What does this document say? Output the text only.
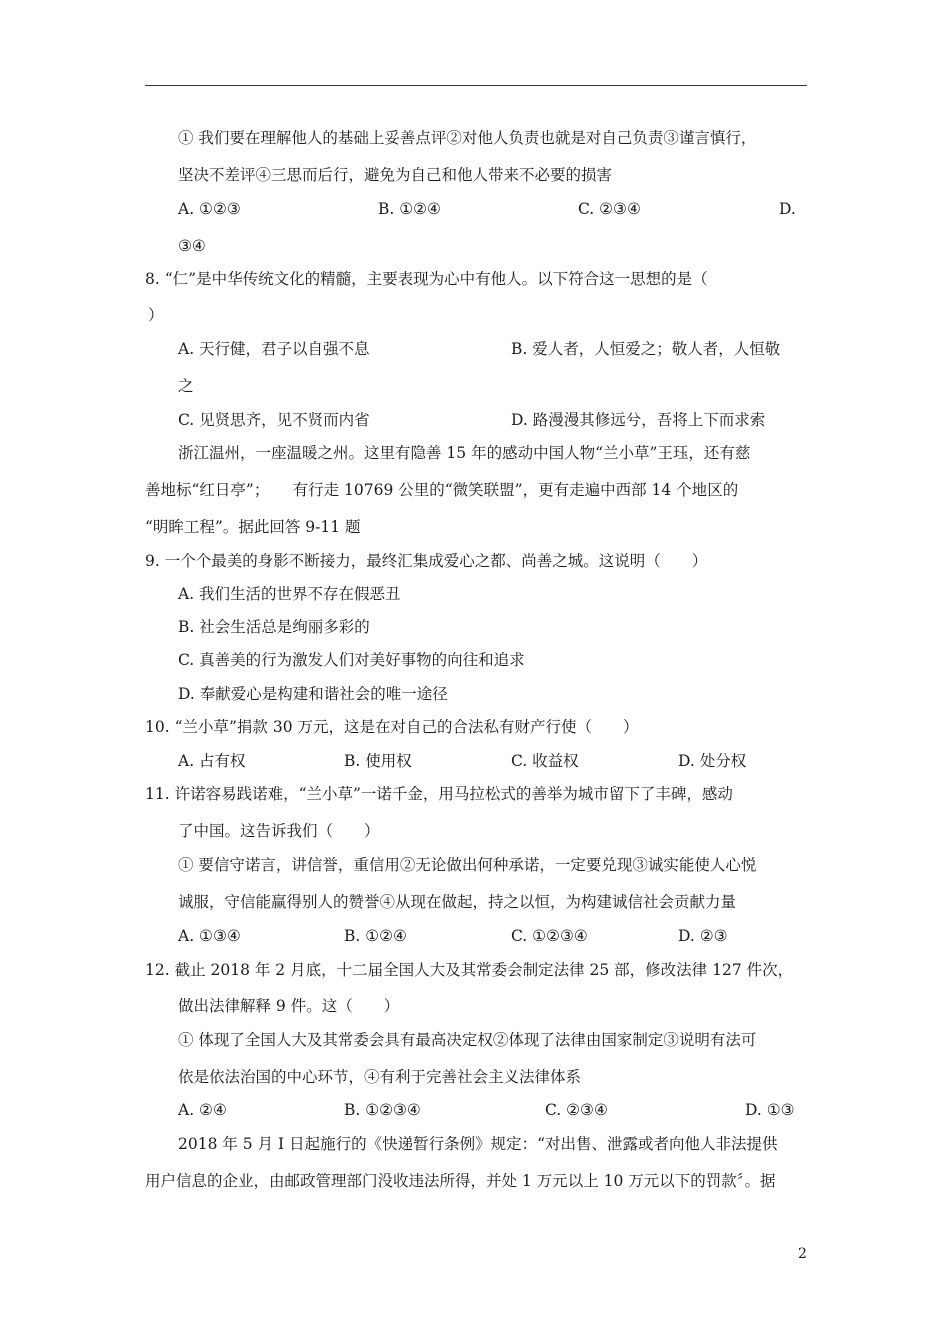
① 我们要在理解他人的基础上妥善点评②对他人负责也就是对自己负责③谨言慎行，
坚决不差评④三思而后行，避免为自己和他人带来不必要的损害
A. ①②③	B. ①②④	C. ②③④	D.
③④
8. “仁”是中华传统文化的精髓，主要表现为心中有他人。以下符合这一思想的是（
）
A. 天行健，君子以自强不息	B. 爱人者，人恒爱之；敬人者，人恒敬
之
C. 见贤思齐，见不贤而内省	D. 路漫漫其修远兮，吾将上下而求索
浙江温州，一座温暖之州。这里有隐善 15 年的感动中国人物“兰小草”王珏，还有慈
善地标“红日亭”；　　有行走 10769 公里的“微笑联盟”，更有走遍中西部 14 个地区的
“明眸工程”。据此回答 9-11 题
9. 一个个最美的身影不断接力，最终汇集成爱心之都、尚善之城。这说明（　　）
A. 我们生活的世界不存在假恶丑
B. 社会生活总是绚丽多彩的
C. 真善美的行为激发人们对美好事物的向往和追求
D. 奉献爱心是构建和谐社会的唯一途径
10. “兰小草”捐款 30 万元，这是在对自己的合法私有财产行使（　　）
A. 占有权	B. 使用权	C. 收益权	D. 处分权
11. 许诺容易践诺难，“兰小草”一诺千金，用马拉松式的善举为城市留下了丰碑，感动
了中国。这告诉我们（　　）
① 要信守诺言，讲信誉，重信用②无论做出何种承诺，一定要兑现③诚实能使人心悦
诚服，守信能赢得别人的赞誉④从现在做起，持之以恒，为构建诚信社会贡献力量
A. ①③④	B. ①②④	C. ①②③④	D. ②③
12. 截止 2018 年 2 月底，十二届全国人大及其常委会制定法律 25 部，修改法律 127 件次，
做出法律解释 9 件。这（　　）
① 体现了全国人大及其常委会具有最高决定权②体现了法律由国家制定③说明有法可
依是依法治国的中心环节，④有利于完善社会主义法律体系
A. ②④	B. ①②③④	C. ②③④	D. ①③
2018 年 5 月 I 日起施行的《快递暂行条例》规定：“对出售、泄露或者向他人非法提供
用户信息的企业，由邮政管理部门没收违法所得，并处 1 万元以上 10 万元以下的罚款〞。据
2
